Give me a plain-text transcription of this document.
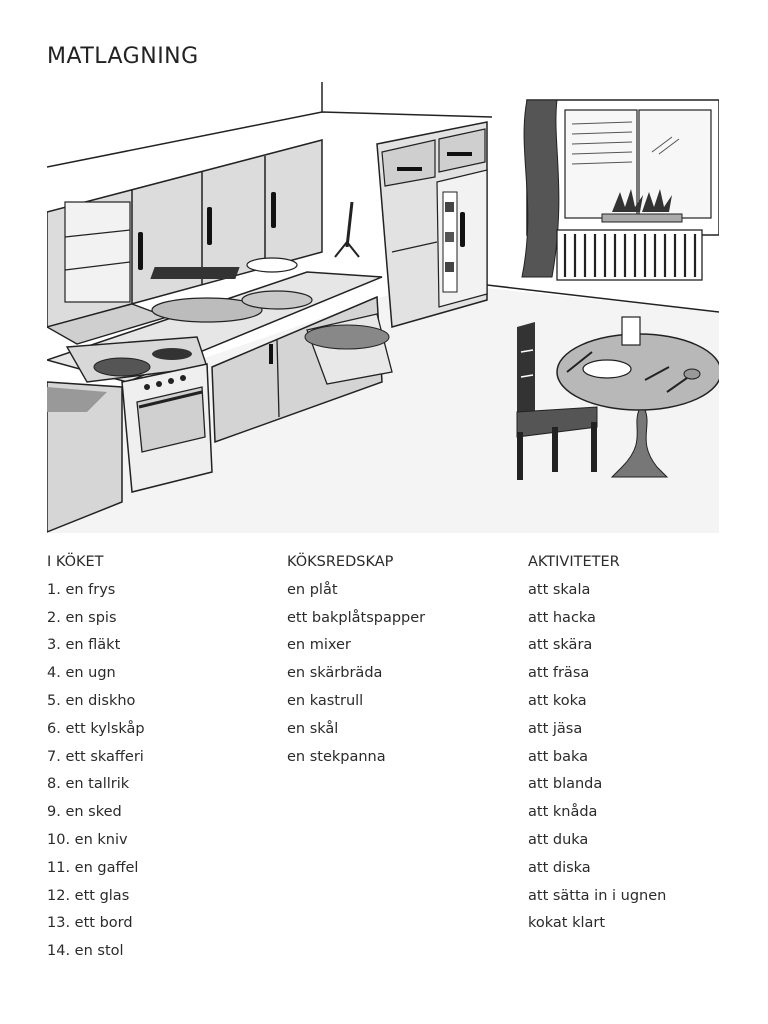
MATLAGNING
I KÖKET
1. en frys
2. en spis
3. en fläkt
4. en ugn
5. en diskho
6. ett kylskåp
7. ett skafferi
8. en tallrik
9. en sked
10. en kniv
11. en gaffel
12. ett glas
13. ett bord
14. en stol
KÖKSREDSKAP
en plåt
ett bakplåtspapper
en mixer
en skärbräda
en kastrull
en skål
en stekpanna
AKTIVITETER
att skala
att hacka
att skära
att fräsa
att koka
att jäsa
att baka
att blanda
att knåda
att duka
att diska
att sätta in i ugnen
kokat klart
